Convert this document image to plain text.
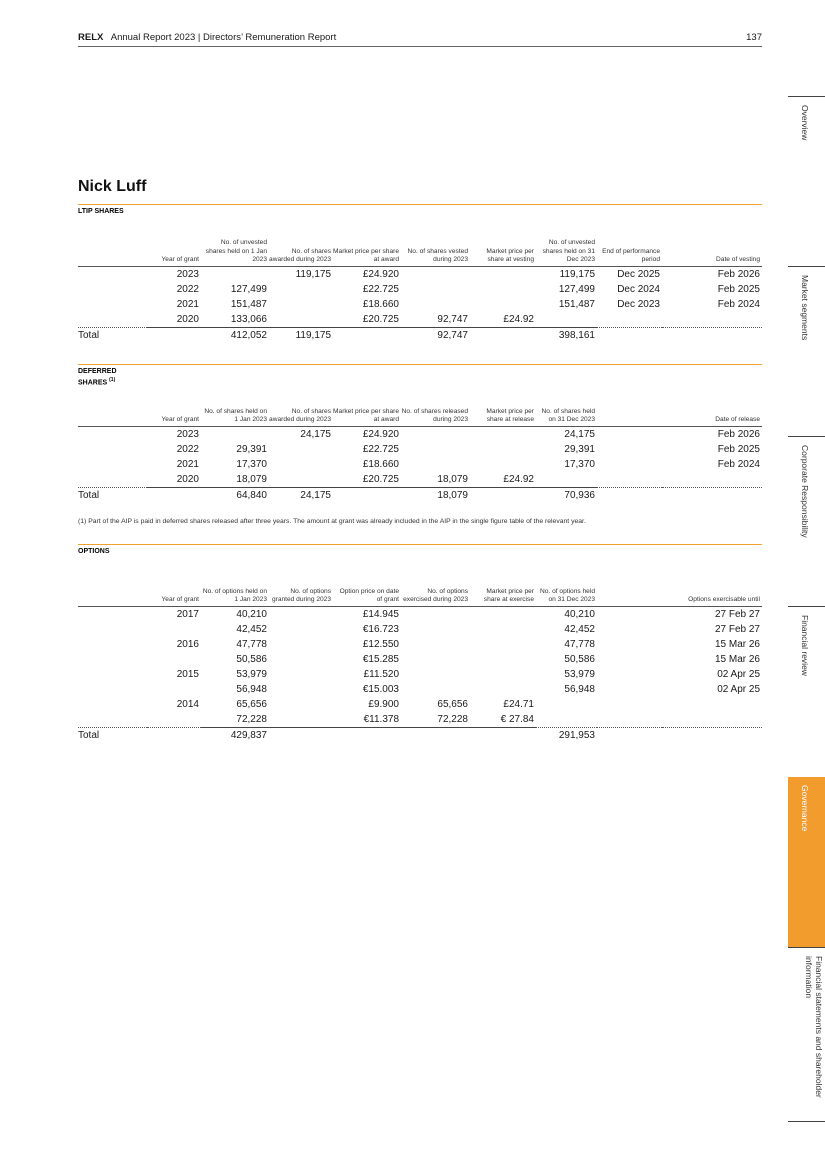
RELX Annual Report 2023 | Directors’ Remuneration Report	137
Overview
Market segments
Corporate Responsibility
Financial review
Governance
Financial statements and shareholder information
Nick Luff
LTIP SHARES	Year of grant	No. of unvested shares held on 1 Jan 2023	No. of shares awarded during 2023	Market price per share at award	No. of shares vested during 2023	Market price per share at vesting	No. of unvested shares held on 31 Dec 2023	End of performance period	Date of vesting
	2023		119,175	£24.920			119,175	Dec 2025	Feb 2026
	2022	127,499		£22.725			127,499	Dec 2024	Feb 2025
	2021	151,487		£18.660			151,487	Dec 2023	Feb 2024
	2020	133,066		£20.725	92,747	£24.92			
Total		412,052	119,175		92,747		398,161		
DEFERRED SHARES $^{(1)}$	Year of grant	No. of shares held on 1 Jan 2023	No. of shares awarded during 2023	Market price per share at award	No. of shares released during 2023	Market price per share at release	No. of shares held on 31 Dec 2023		Date of release
	2023		24,175	£24.920			24,175		Feb 2026
	2022	29,391		£22.725			29,391		Feb 2025
	2021	17,370		£18.660			17,370		Feb 2024
	2020	18,079		£20.725	18,079	£24.92			
Total		64,840	24,175		18,079		70,936		
(1) Part of the AIP is paid in deferred shares released after three years. The amount at grant was already included in the AIP in the single figure table of the relevant year.
OPTIONS	Year of grant	No. of options held on 1 Jan 2023	No. of options granted during 2023	Option price on date of grant	No. of options exercised during 2023	Market price per share at exercise	No. of options held on 31 Dec 2023		Options exercisable until
	2017	40,210		£14.945			40,210		27 Feb 27
		42,452		€16.723			42,452		27 Feb 27
	2016	47,778		£12.550			47,778		15 Mar 26
		50,586		€15.285			50,586		15 Mar 26
	2015	53,979		£11.520			53,979		02 Apr 25
		56,948		€15.003			56,948		02 Apr 25
	2014	65,656		£9.900	65,656	£24.71			
		72,228		€11.378	72,228	€ 27.84			
Total		429,837					291,953		
